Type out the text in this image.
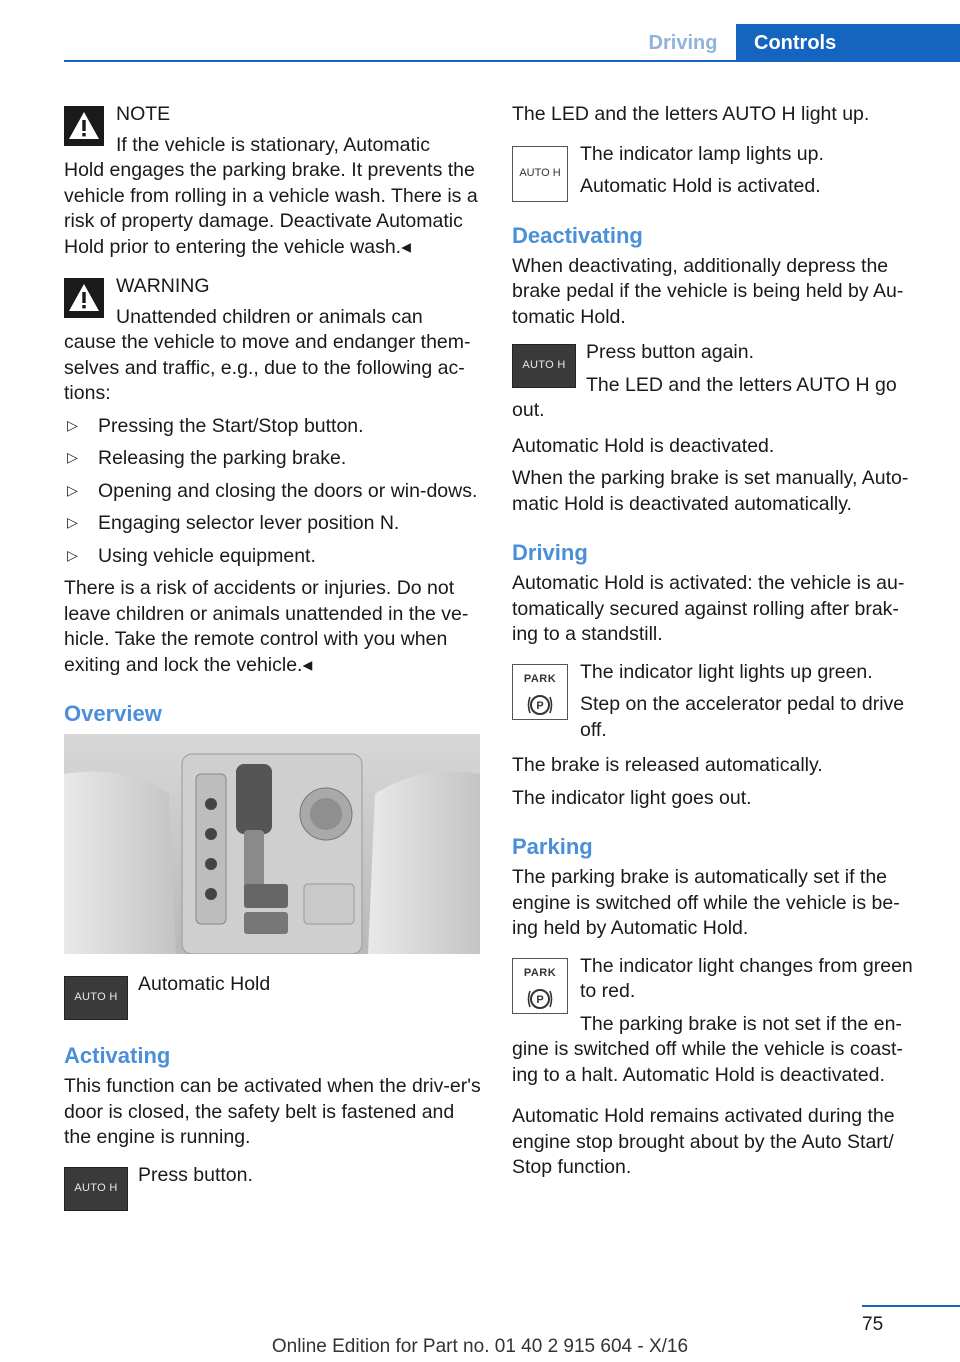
Driving	Controls

NOTE

If the vehicle is stationary, Automatic

Hold engages the parking brake. It prevents the vehicle from rolling in a vehicle wash. There is a risk of property damage. Deactivate Automatic Hold prior to entering the vehicle wash.◂

WARNING

Unattended children or animals can

cause the vehicle to move and endanger them-selves and traffic, e.g., due to the following ac-tions:

▷ Pressing the Start/Stop button.
▷ Releasing the parking brake.
▷ Opening and closing the doors or win-dows.
▷ Engaging selector lever position N.
▷ Using vehicle equipment.

There is a risk of accidents or injuries. Do not leave children or animals unattended in the ve-hicle. Take the remote control with you when exiting and lock the vehicle.◂

Overview
AUTO H

Automatic Hold

Activating

This function can be activated when the driv-er's door is closed, the safety belt is fastened and the engine is running.

AUTO H

Press button.

The LED and the letters AUTO H light up.

AUTO H

The indicator lamp lights up.

Automatic Hold is activated.

Deactivating

When deactivating, additionally depress the brake pedal if the vehicle is being held by Au-tomatic Hold.

AUTO H

Press button again.

The LED and the letters AUTO H go

out.

Automatic Hold is deactivated.

When the parking brake is set manually, Auto-matic Hold is deactivated automatically.

Driving

Automatic Hold is activated: the vehicle is au-tomatically secured against rolling after brak-ing to a standstill.

PARK
P

The indicator light lights up green.

Step on the accelerator pedal to drive off.

The brake is released automatically.

The indicator light goes out.

Parking

The parking brake is automatically set if the engine is switched off while the vehicle is be-ing held by Automatic Hold.

PARK
P

The indicator light changes from green to red.

The parking brake is not set if the en-

gine is switched off while the vehicle is coast-ing to a halt. Automatic Hold is deactivated.

Automatic Hold remains activated during the engine stop brought about by the Auto Start/ Stop function.

75
Online Edition for Part no. 01 40 2 915 604 - X/16
